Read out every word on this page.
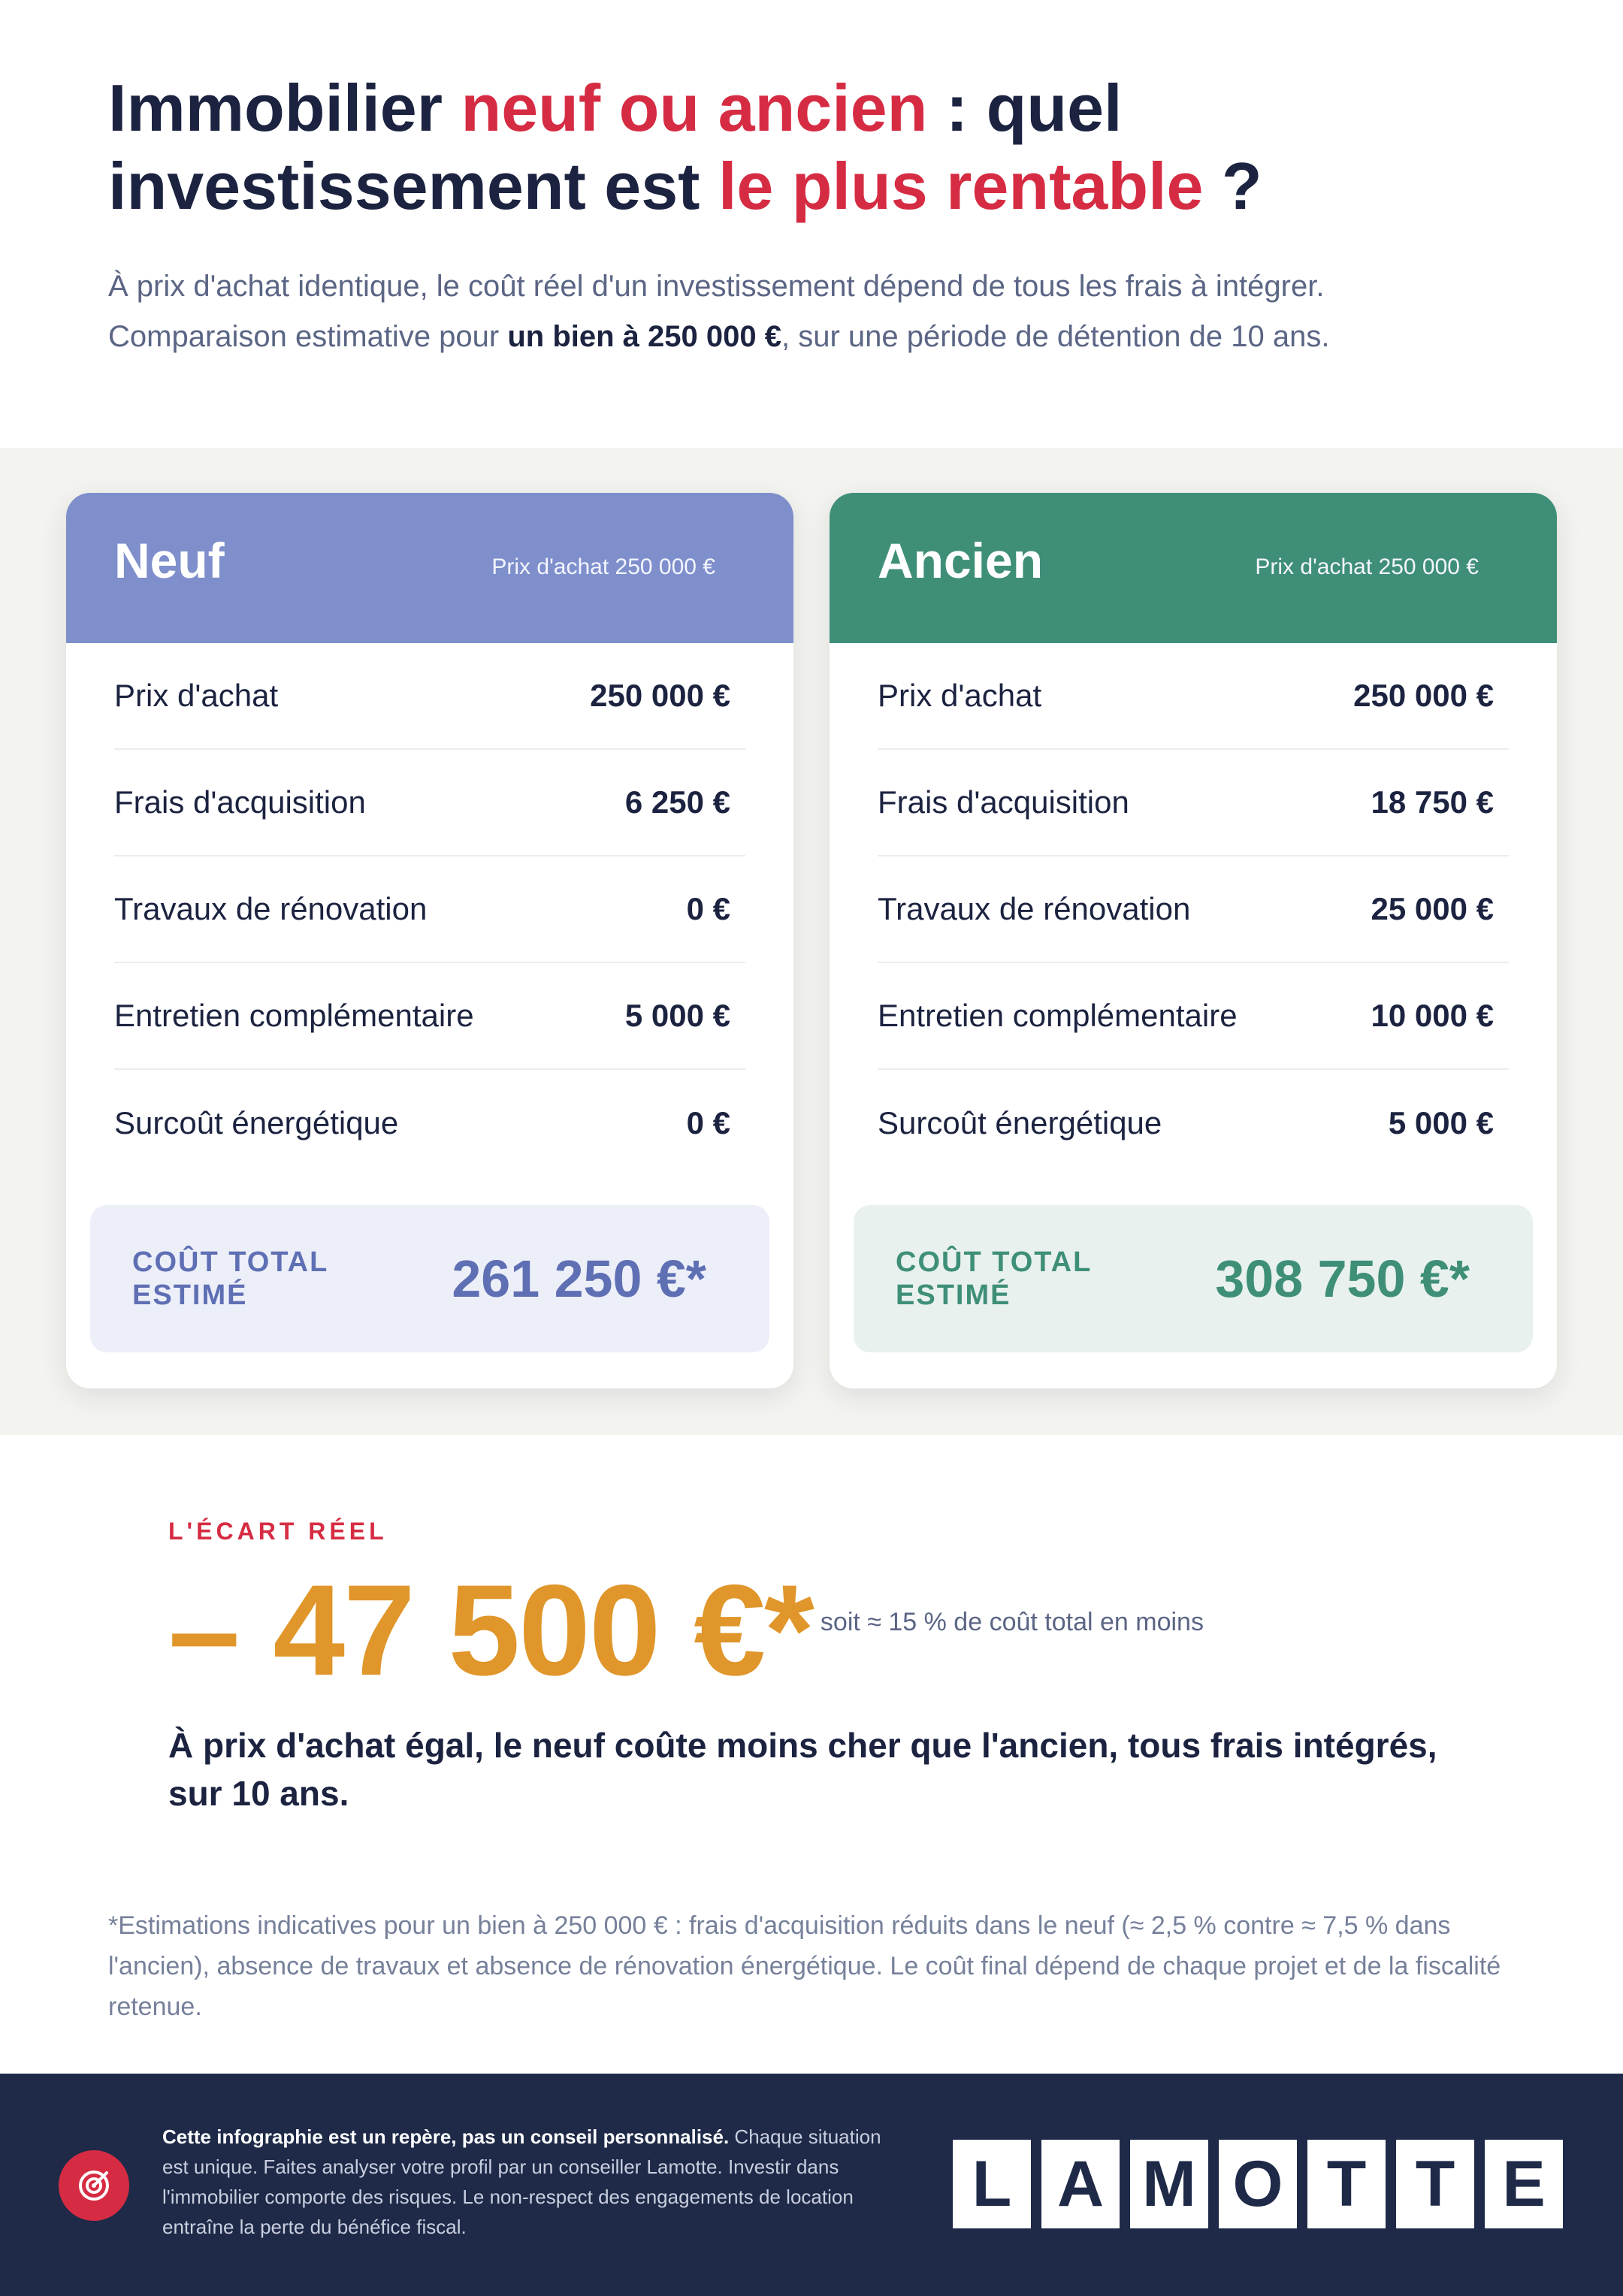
Immobilier neuf ou ancien : quel investissement est le plus rentable ?

À prix d'achat identique, le coût réel d'un investissement dépend de tous les frais à intégrer.
Comparaison estimative pour un bien à 250 000 €, sur une période de détention de 10 ans.

Neuf	Prix d'achat 250 000 €
Prix d'achat	250 000 €
Frais d'acquisition	6 250 €
Travaux de rénovation	0 €
Entretien complémentaire	5 000 €
Surcoût énergétique	0 €
COÛT TOTAL ESTIMÉ	261 250 €*
Ancien	Prix d'achat 250 000 €
Prix d'achat	250 000 €
Frais d'acquisition	18 750 €
Travaux de rénovation	25 000 €
Entretien complémentaire	10 000 €
Surcoût énergétique	5 000 €
COÛT TOTAL ESTIMÉ	308 750 €*
L'ÉCART RÉEL
– 47 500 €* soit ≈ 15 % de coût total en moins
À prix d'achat égal, le neuf coûte moins cher que l'ancien, tous frais intégrés, sur 10 ans.

*Estimations indicatives pour un bien à 250 000 € : frais d'acquisition réduits dans le neuf (≈ 2,5 % contre ≈ 7,5 % dans l'ancien), absence de travaux et absence de rénovation énergétique. Le coût final dépend de chaque projet et de la fiscalité retenue.

Cette infographie est un repère, pas un conseil personnalisé. Chaque situation est unique. Faites analyser votre profil par un conseiller Lamotte. Investir dans l'immobilier comporte des risques. Le non-respect des engagements de location entraîne la perte du bénéfice fiscal.

L A M O T T E
